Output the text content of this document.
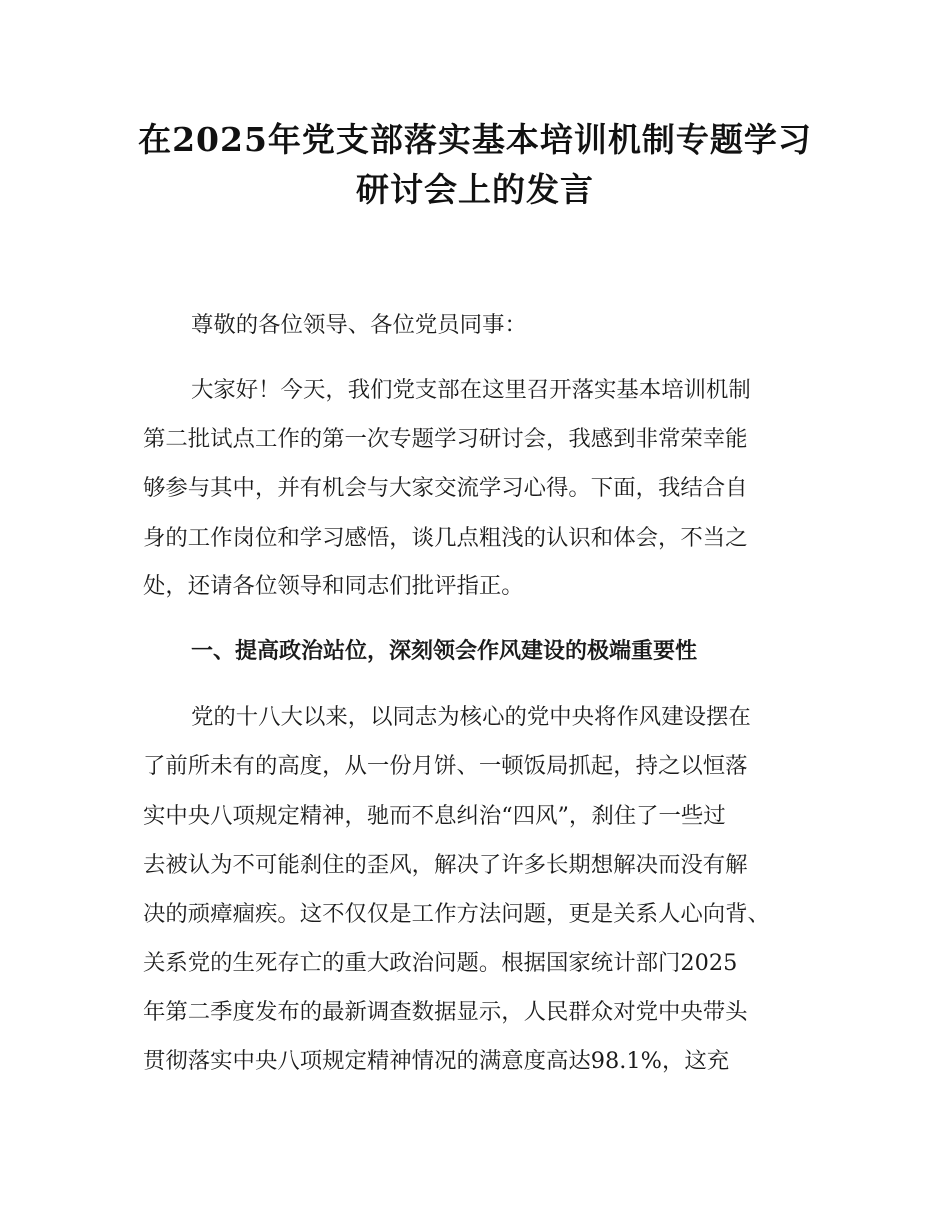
在2025年党支部落实基本培训机制专题学习
研讨会上的发言

尊敬的各位领导、各位党员同事：

大家好！今天，我们党支部在这里召开落实基本培训机制

第二批试点工作的第一次专题学习研讨会，我感到非常荣幸能

够参与其中，并有机会与大家交流学习心得。下面，我结合自

身的工作岗位和学习感悟，谈几点粗浅的认识和体会，不当之

处，还请各位领导和同志们批评指正。

一、提高政治站位，深刻领会作风建设的极端重要性

党的十八大以来，以同志为核心的党中央将作风建设摆在

了前所未有的高度，从一份月饼、一顿饭局抓起，持之以恒落

实中央八项规定精神，驰而不息纠治“四风”，刹住了一些过

去被认为不可能刹住的歪风，解决了许多长期想解决而没有解

决的顽瘴痼疾。这不仅仅是工作方法问题，更是关系人心向背、

关系党的生死存亡的重大政治问题。根据国家统计部门2025

年第二季度发布的最新调查数据显示，人民群众对党中央带头

贯彻落实中央八项规定精神情况的满意度高达98.1%，这充
